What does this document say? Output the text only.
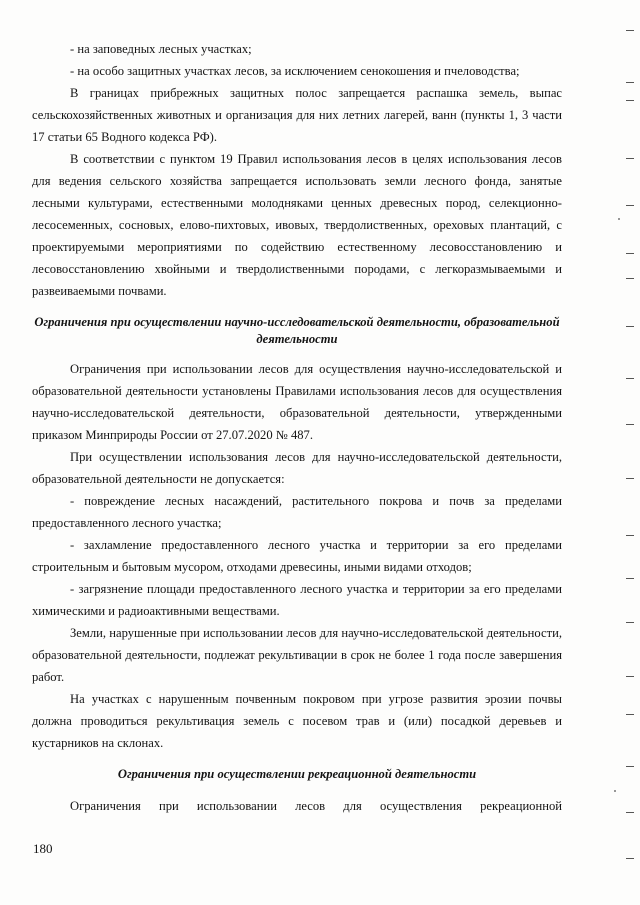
- на заповедных лесных участках;

- на особо защитных участках лесов, за исключением сенокошения и пчеловодства;

В границах прибрежных защитных полос запрещается распашка земель, выпас сельскохозяйственных животных и организация для них летних лагерей, ванн (пункты 1, 3 части 17 статьи 65 Водного кодекса РФ).

В соответствии с пунктом 19 Правил использования лесов в целях использования лесов для ведения сельского хозяйства запрещается использовать земли лесного фонда, занятые лесными культурами, естественными молодняками ценных древесных пород, селекционно-лесосеменных, сосновых, елово-пихтовых, ивовых, твердолиственных, ореховых плантаций, с проектируемыми мероприятиями по содействию естественному лесовосстановлению и лесовосстановлению хвойными и твердолиственными породами, с легкоразмываемыми и развеиваемыми почвами.

Ограничения при осуществлении научно-исследовательской деятельности, образовательной деятельности

Ограничения при использовании лесов для осуществления научно-исследовательской и образовательной деятельности установлены Правилами использования лесов для осуществления научно-исследовательской деятельности, образовательной деятельности, утвержденными приказом Минприроды России от 27.07.2020 № 487.

При осуществлении использования лесов для научно-исследовательской деятельности, образовательной деятельности не допускается:

- повреждение лесных насаждений, растительного покрова и почв за пределами предоставленного лесного участка;

- захламление предоставленного лесного участка и территории за его пределами строительным и бытовым мусором, отходами древесины, иными видами отходов;

- загрязнение площади предоставленного лесного участка и территории за его пределами химическими и радиоактивными веществами.

Земли, нарушенные при использовании лесов для научно-исследовательской деятельности, образовательной деятельности, подлежат рекультивации в срок не более 1 года после завершения работ.

На участках с нарушенным почвенным покровом при угрозе развития эрозии почвы должна проводиться рекультивация земель с посевом трав и (или) посадкой деревьев и кустарников на склонах.

Ограничения при осуществлении рекреационной деятельности

Ограничения при использовании лесов для осуществления рекреационной

180
